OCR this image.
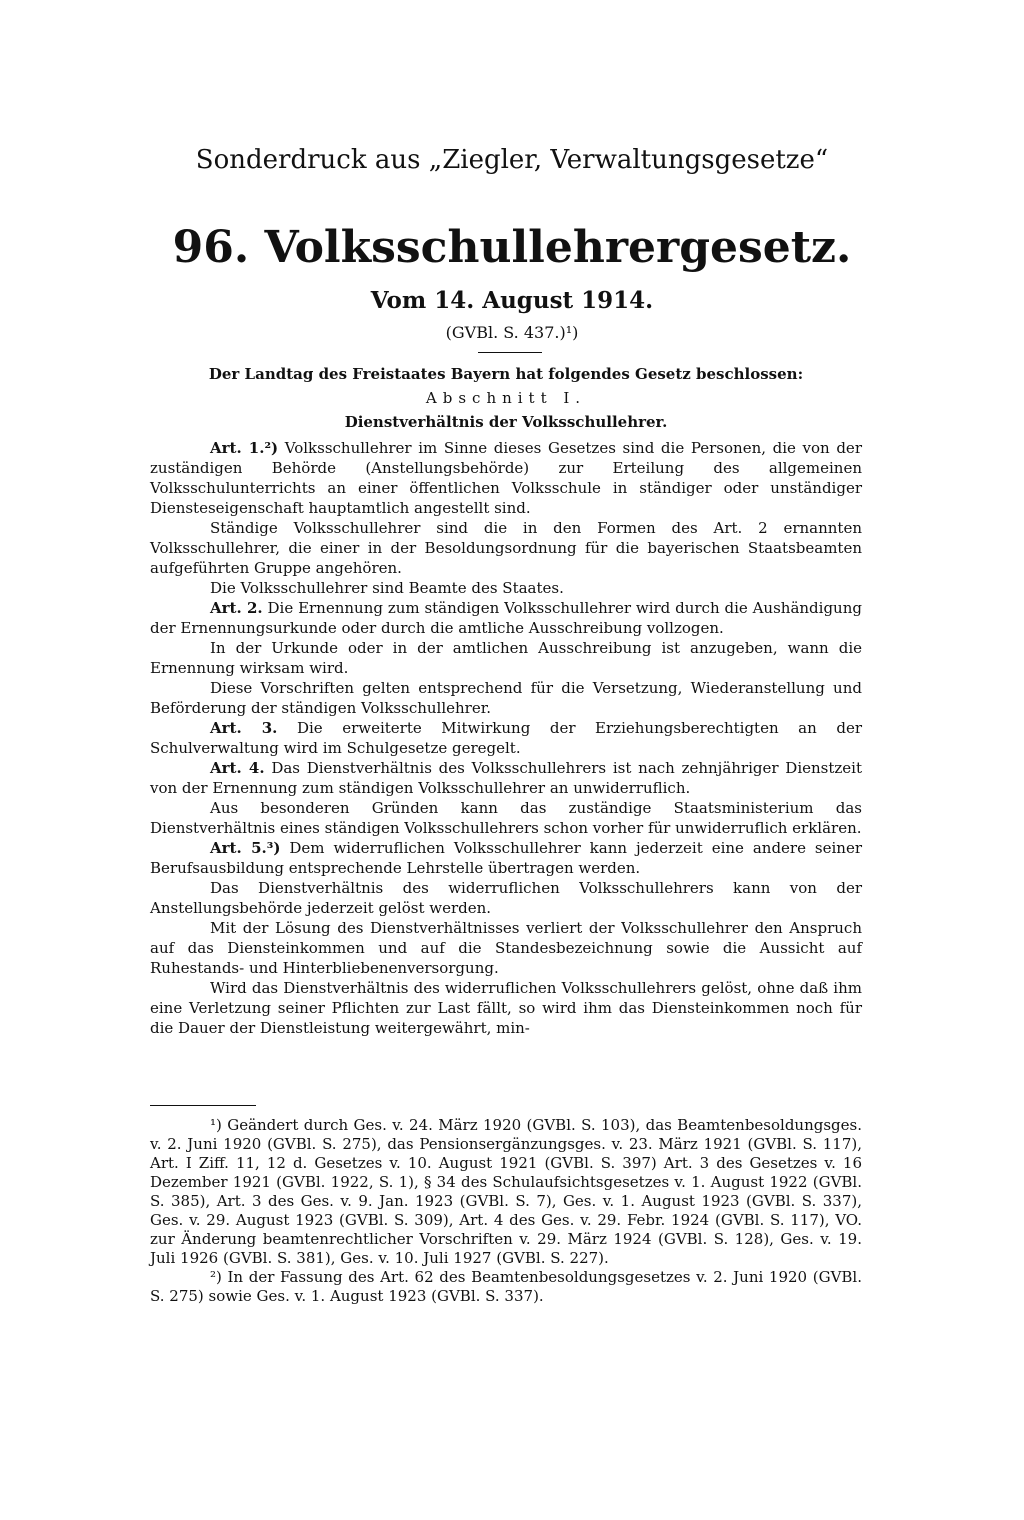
Sonderdruck aus „Ziegler, Verwaltungsgesetze“
96. Volksschullehrergesetz.
Vom 14. August 1914.
(GVBl. S. 437.)¹)

Der Landtag des Freistaates Bayern hat folgendes Gesetz beschlossen:

Abschnitt I.

Dienstverhältnis der Volksschullehrer.

Art. 1.²) Volksschullehrer im Sinne dieses Gesetzes sind die Personen, die von der zuständigen Behörde (Anstellungsbehörde) zur Erteilung des allgemeinen Volksschulunterrichts an einer öffentlichen Volksschule in ständiger oder unständiger Diensteseigenschaft hauptamtlich angestellt sind.

Ständige Volksschullehrer sind die in den Formen des Art. 2 ernannten Volksschullehrer, die einer in der Besoldungsordnung für die bayerischen Staatsbeamten aufgeführten Gruppe angehören.

Die Volksschullehrer sind Beamte des Staates.

Art. 2. Die Ernennung zum ständigen Volksschullehrer wird durch die Aushändigung der Ernennungsurkunde oder durch die amtliche Ausschreibung vollzogen.

In der Urkunde oder in der amtlichen Ausschreibung ist anzugeben, wann die Ernennung wirksam wird.

Diese Vorschriften gelten entsprechend für die Versetzung, Wiederanstellung und Beförderung der ständigen Volksschullehrer.

Art. 3. Die erweiterte Mitwirkung der Erziehungsberechtigten an der Schulverwaltung wird im Schulgesetze geregelt.

Art. 4. Das Dienstverhältnis des Volksschullehrers ist nach zehnjähriger Dienstzeit von der Ernennung zum ständigen Volksschullehrer an unwiderruflich.

Aus besonderen Gründen kann das zuständige Staatsministerium das Dienstverhältnis eines ständigen Volksschullehrers schon vorher für unwiderruflich erklären.

Art. 5.³) Dem widerruflichen Volksschullehrer kann jederzeit eine andere seiner Berufsausbildung entsprechende Lehrstelle übertragen werden.

Das Dienstverhältnis des widerruflichen Volksschullehrers kann von der Anstellungsbehörde jederzeit gelöst werden.

Mit der Lösung des Dienstverhältnisses verliert der Volksschullehrer den Anspruch auf das Diensteinkommen und auf die Standesbezeichnung sowie die Aussicht auf Ruhestands- und Hinterbliebenenversorgung.

Wird das Dienstverhältnis des widerruflichen Volksschullehrers gelöst, ohne daß ihm eine Verletzung seiner Pflichten zur Last fällt, so wird ihm das Diensteinkommen noch für die Dauer der Dienstleistung weitergewährt, min-

¹) Geändert durch Ges. v. 24. März 1920 (GVBl. S. 103), das Beamtenbesoldungsges. v. 2. Juni 1920 (GVBl. S. 275), das Pensionsergänzungsges. v. 23. März 1921 (GVBl. S. 117), Art. I Ziff. 11, 12 d. Gesetzes v. 10. August 1921 (GVBl. S. 397) Art. 3 des Gesetzes v. 16 Dezember 1921 (GVBl. 1922, S. 1), § 34 des Schulaufsichtsgesetzes v. 1. August 1922 (GVBl. S. 385), Art. 3 des Ges. v. 9. Jan. 1923 (GVBl. S. 7), Ges. v. 1. August 1923 (GVBl. S. 337), Ges. v. 29. August 1923 (GVBl. S. 309), Art. 4 des Ges. v. 29. Febr. 1924 (GVBl. S. 117), VO. zur Änderung beamtenrechtlicher Vorschriften v. 29. März 1924 (GVBl. S. 128), Ges. v. 19. Juli 1926 (GVBl. S. 381), Ges. v. 10. Juli 1927 (GVBl. S. 227).

²) In der Fassung des Art. 62 des Beamtenbesoldungsgesetzes v. 2. Juni 1920 (GVBl. S. 275) sowie Ges. v. 1. August 1923 (GVBl. S. 337).
